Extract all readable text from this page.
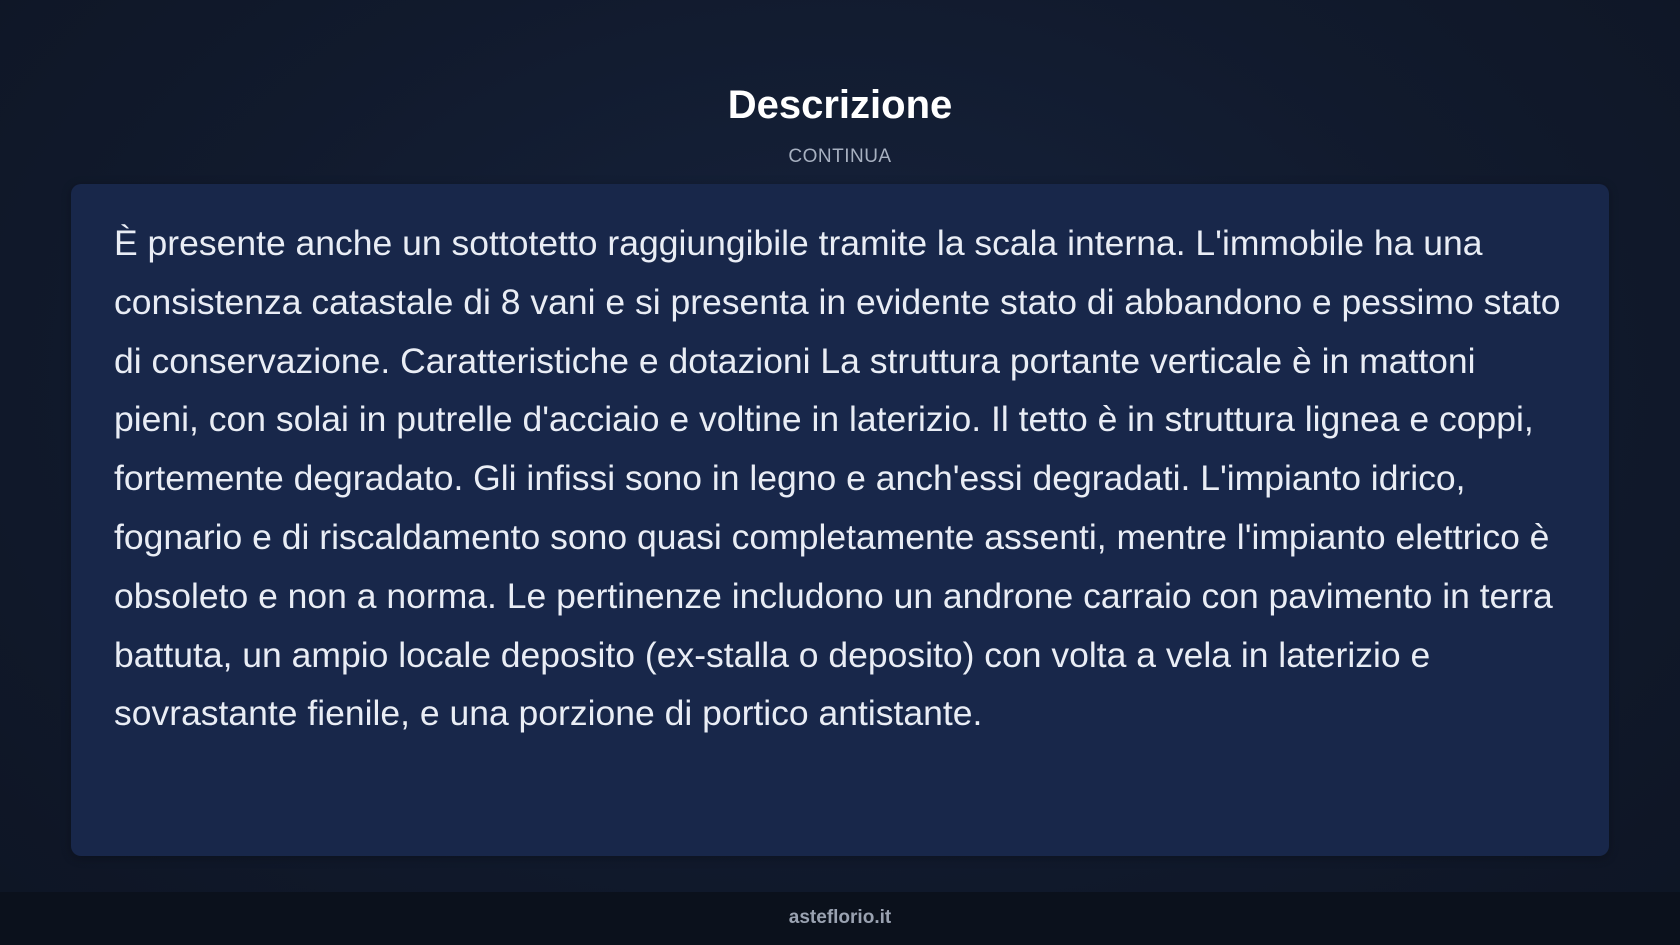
Descrizione
CONTINUA

È presente anche un sottotetto raggiungibile tramite la scala interna. L'immobile ha una consistenza catastale di 8 vani e si presenta in evidente stato di abbandono e pessimo stato di conservazione. Caratteristiche e dotazioni La struttura portante verticale è in mattoni pieni, con solai in putrelle d'acciaio e voltine in laterizio. Il tetto è in struttura lignea e coppi, fortemente degradato. Gli infissi sono in legno e anch'essi degradati. L'impianto idrico, fognario e di riscaldamento sono quasi completamente assenti, mentre l'impianto elettrico è obsoleto e non a norma. Le pertinenze includono un androne carraio con pavimento in terra battuta, un ampio locale deposito (ex-stalla o deposito) con volta a vela in laterizio e sovrastante fienile, e una porzione di portico antistante.

asteflorio.it
